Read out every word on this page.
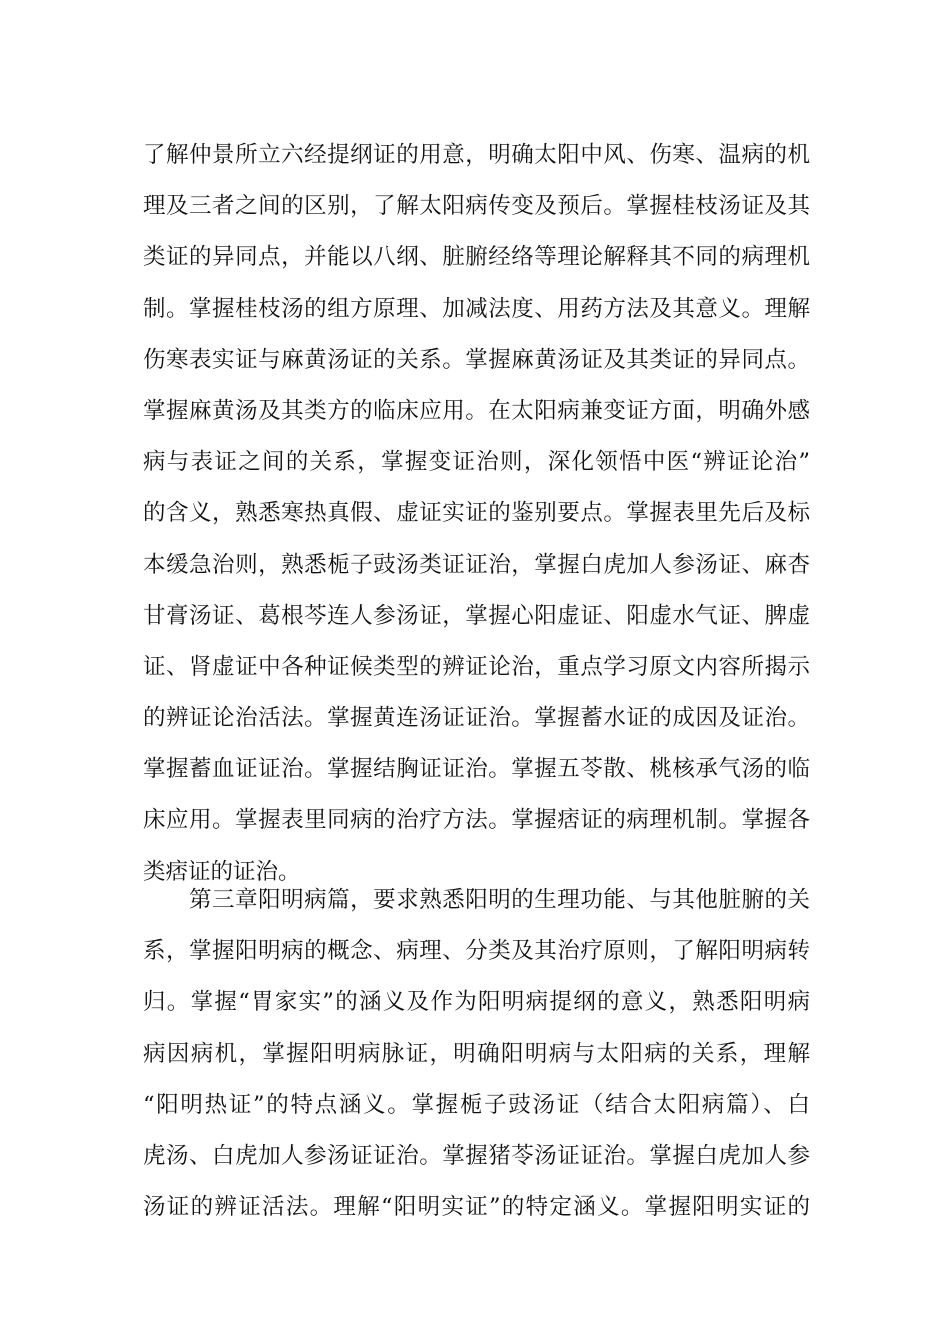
了解仲景所立六经提纲证的用意，明确太阳中风、伤寒、温病的机
理及三者之间的区别，了解太阳病传变及预后。掌握桂枝汤证及其
类证的异同点，并能以八纲、脏腑经络等理论解释其不同的病理机
制。掌握桂枝汤的组方原理、加减法度、用药方法及其意义。理解
伤寒表实证与麻黄汤证的关系。掌握麻黄汤证及其类证的异同点。
掌握麻黄汤及其类方的临床应用。在太阳病兼变证方面，明确外感
病与表证之间的关系，掌握变证治则，深化领悟中医“辨证论治”
的含义，熟悉寒热真假、虚证实证的鉴别要点。掌握表里先后及标
本缓急治则，熟悉栀子豉汤类证证治，掌握白虎加人参汤证、麻杏
甘膏汤证、葛根芩连人参汤证，掌握心阳虚证、阳虚水气证、脾虚
证、肾虚证中各种证候类型的辨证论治，重点学习原文内容所揭示
的辨证论治活法。掌握黄连汤证证治。掌握蓄水证的成因及证治。
掌握蓄血证证治。掌握结胸证证治。掌握五苓散、桃核承气汤的临
床应用。掌握表里同病的治疗方法。掌握痞证的病理机制。掌握各
类痞证的证治。
　　第三章阳明病篇，要求熟悉阳明的生理功能、与其他脏腑的关
系，掌握阳明病的概念、病理、分类及其治疗原则，了解阳明病转
归。掌握“胃家实”的涵义及作为阳明病提纲的意义，熟悉阳明病
病因病机，掌握阳明病脉证，明确阳明病与太阳病的关系，理解
“阳明热证”的特点涵义。掌握栀子豉汤证（结合太阳病篇）、白
虎汤、白虎加人参汤证证治。掌握猪苓汤证证治。掌握白虎加人参
汤证的辨证活法。理解“阳明实证”的特定涵义。掌握阳明实证的
